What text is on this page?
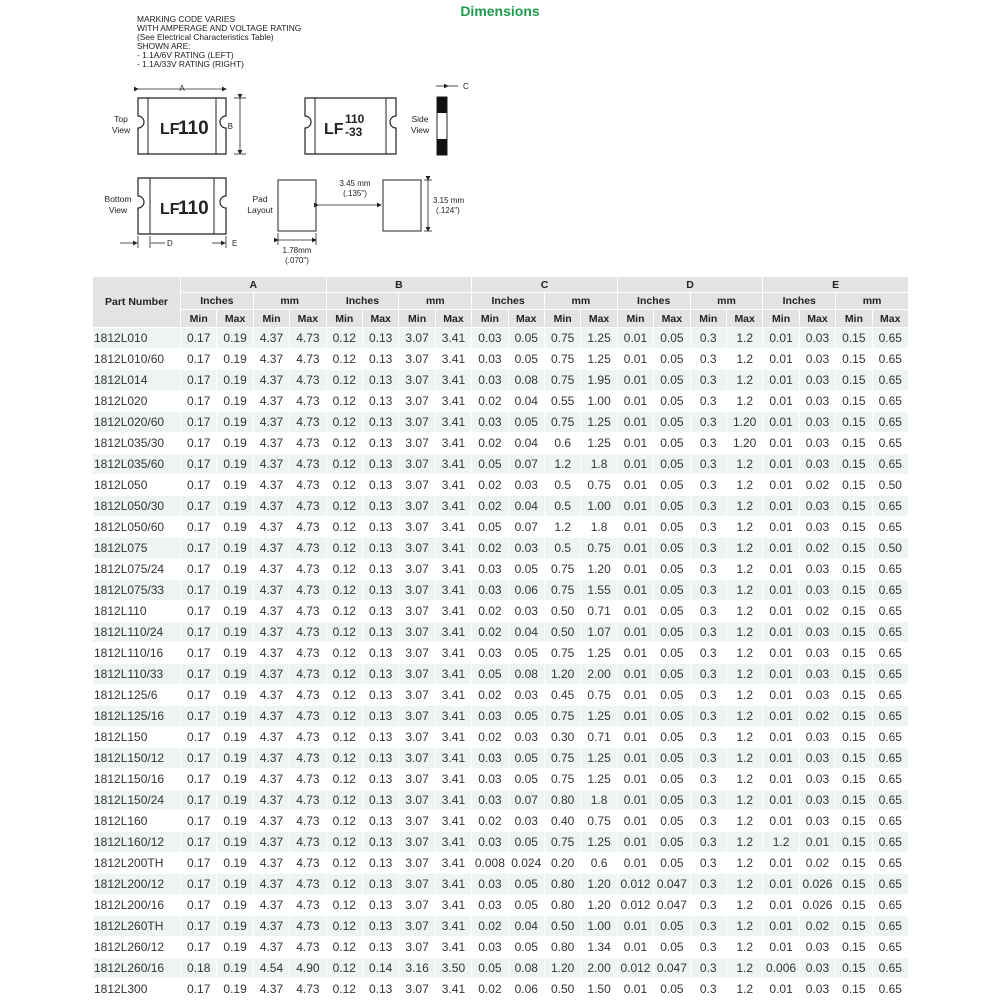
Dimensions
MARKING CODE VARIES
WITH AMPERAGE AND VOLTAGE RATING
(See Electrical Characteristics Table)
SHOWN ARE:
- 1.1A/6V RATING (LEFT)
- 1.1A/33V RATING (RIGHT)
A
LF
110 B
Top
View	LF
110
-33
Side
View
C
Bottom
View LF
110
D	E
Pad
Layout
3.45 mm
(.135")
3.15 mm
(.124")
1.78mm
(.070")
Part Number	A				B				C				D				E			
	Inches		mm		Inches		mm		Inches		mm		Inches		mm		Inches		mm	
	Min	Max	Min	Max	Min	Max	Min	Max	Min	Max	Min	Max	Min	Max	Min	Max	Min	Max	Min	Max
1812L010	0.17	0.19	4.37	4.73	0.12	0.13	3.07	3.41	0.03	0.05	0.75	1.25	0.01	0.05	0.3	1.2	0.01	0.03	0.15	0.65
1812L010/60	0.17	0.19	4.37	4.73	0.12	0.13	3.07	3.41	0.03	0.05	0.75	1.25	0.01	0.05	0.3	1.2	0.01	0.03	0.15	0.65
1812L014	0.17	0.19	4.37	4.73	0.12	0.13	3.07	3.41	0.03	0.08	0.75	1.95	0.01	0.05	0.3	1.2	0.01	0.03	0.15	0.65
1812L020	0.17	0.19	4.37	4.73	0.12	0.13	3.07	3.41	0.02	0.04	0.55	1.00	0.01	0.05	0.3	1.2	0.01	0.03	0.15	0.65
1812L020/60	0.17	0.19	4.37	4.73	0.12	0.13	3.07	3.41	0.03	0.05	0.75	1.25	0.01	0.05	0.3	1.20	0.01	0.03	0.15	0.65
1812L035/30	0.17	0.19	4.37	4.73	0.12	0.13	3.07	3.41	0.02	0.04	0.6	1.25	0.01	0.05	0.3	1.20	0.01	0.03	0.15	0.65
1812L035/60	0.17	0.19	4.37	4.73	0.12	0.13	3.07	3.41	0.05	0.07	1.2	1.8	0.01	0.05	0.3	1.2	0.01	0.03	0.15	0.65
1812L050	0.17	0.19	4.37	4.73	0.12	0.13	3.07	3.41	0.02	0.03	0.5	0.75	0.01	0.05	0.3	1.2	0.01	0.02	0.15	0.50
1812L050/30	0.17	0.19	4.37	4.73	0.12	0.13	3.07	3.41	0.02	0.04	0.5	1.00	0.01	0.05	0.3	1.2	0.01	0.03	0.15	0.65
1812L050/60	0.17	0.19	4.37	4.73	0.12	0.13	3.07	3.41	0.05	0.07	1.2	1.8	0.01	0.05	0.3	1.2	0.01	0.03	0.15	0.65
1812L075	0.17	0.19	4.37	4.73	0.12	0.13	3.07	3.41	0.02	0.03	0.5	0.75	0.01	0.05	0.3	1.2	0.01	0.02	0.15	0.50
1812L075/24	0.17	0.19	4.37	4.73	0.12	0.13	3.07	3.41	0.03	0.05	0.75	1.20	0.01	0.05	0.3	1.2	0.01	0.03	0.15	0.65
1812L075/33	0.17	0.19	4.37	4.73	0.12	0.13	3.07	3.41	0.03	0.06	0.75	1.55	0.01	0.05	0.3	1.2	0.01	0.03	0.15	0.65
1812L110	0.17	0.19	4.37	4.73	0.12	0.13	3.07	3.41	0.02	0.03	0.50	0.71	0.01	0.05	0.3	1.2	0.01	0.02	0.15	0.65
1812L110/24	0.17	0.19	4.37	4.73	0.12	0.13	3.07	3.41	0.02	0.04	0.50	1.07	0.01	0.05	0.3	1.2	0.01	0.03	0.15	0.65
1812L110/16	0.17	0.19	4.37	4.73	0.12	0.13	3.07	3.41	0.03	0.05	0.75	1.25	0.01	0.05	0.3	1.2	0.01	0.03	0.15	0.65
1812L110/33	0.17	0.19	4.37	4.73	0.12	0.13	3.07	3.41	0.05	0.08	1.20	2.00	0.01	0.05	0.3	1.2	0.01	0.03	0.15	0.65
1812L125/6	0.17	0.19	4.37	4.73	0.12	0.13	3.07	3.41	0.02	0.03	0.45	0.75	0.01	0.05	0.3	1.2	0.01	0.03	0.15	0.65
1812L125/16	0.17	0.19	4.37	4.73	0.12	0.13	3.07	3.41	0.03	0.05	0.75	1.25	0.01	0.05	0.3	1.2	0.01	0.02	0.15	0.65
1812L150	0.17	0.19	4.37	4.73	0.12	0.13	3.07	3.41	0.02	0.03	0.30	0.71	0.01	0.05	0.3	1.2	0.01	0.03	0.15	0.65
1812L150/12	0.17	0.19	4.37	4.73	0.12	0.13	3.07	3.41	0.03	0.05	0.75	1.25	0.01	0.05	0.3	1.2	0.01	0.03	0.15	0.65
1812L150/16	0.17	0.19	4.37	4.73	0.12	0.13	3.07	3.41	0.03	0.05	0.75	1.25	0.01	0.05	0.3	1.2	0.01	0.03	0.15	0.65
1812L150/24	0.17	0.19	4.37	4.73	0.12	0.13	3.07	3.41	0.03	0.07	0.80	1.8	0.01	0.05	0.3	1.2	0.01	0.03	0.15	0.65
1812L160	0.17	0.19	4.37	4.73	0.12	0.13	3.07	3.41	0.02	0.03	0.40	0.75	0.01	0.05	0.3	1.2	0.01	0.03	0.15	0.65
1812L160/12	0.17	0.19	4.37	4.73	0.12	0.13	3.07	3.41	0.03	0.05	0.75	1.25	0.01	0.05	0.3	1.2	1.2	0.01	0.15	0.65
1812L200TH	0.17	0.19	4.37	4.73	0.12	0.13	3.07	3.41	0.008	0.024	0.20	0.6	0.01	0.05	0.3	1.2	0.01	0.02	0.15	0.65
1812L200/12	0.17	0.19	4.37	4.73	0.12	0.13	3.07	3.41	0.03	0.05	0.80	1.20	0.012	0.047	0.3	1.2	0.01	0.026	0.15	0.65
1812L200/16	0.17	0.19	4.37	4.73	0.12	0.13	3.07	3.41	0.03	0.05	0.80	1.20	0.012	0.047	0.3	1.2	0.01	0.026	0.15	0.65
1812L260TH	0.17	0.19	4.37	4.73	0.12	0.13	3.07	3.41	0.02	0.04	0.50	1.00	0.01	0.05	0.3	1.2	0.01	0.02	0.15	0.65
1812L260/12	0.17	0.19	4.37	4.73	0.12	0.13	3.07	3.41	0.03	0.05	0.80	1.34	0.01	0.05	0.3	1.2	0.01	0.03	0.15	0.65
1812L260/16	0.18	0.19	4.54	4.90	0.12	0.14	3.16	3.50	0.05	0.08	1.20	2.00	0.012	0.047	0.3	1.2	0.006	0.03	0.15	0.65
1812L300	0.17	0.19	4.37	4.73	0.12	0.13	3.07	3.41	0.02	0.06	0.50	1.50	0.01	0.05	0.3	1.2	0.01	0.03	0.15	0.65
